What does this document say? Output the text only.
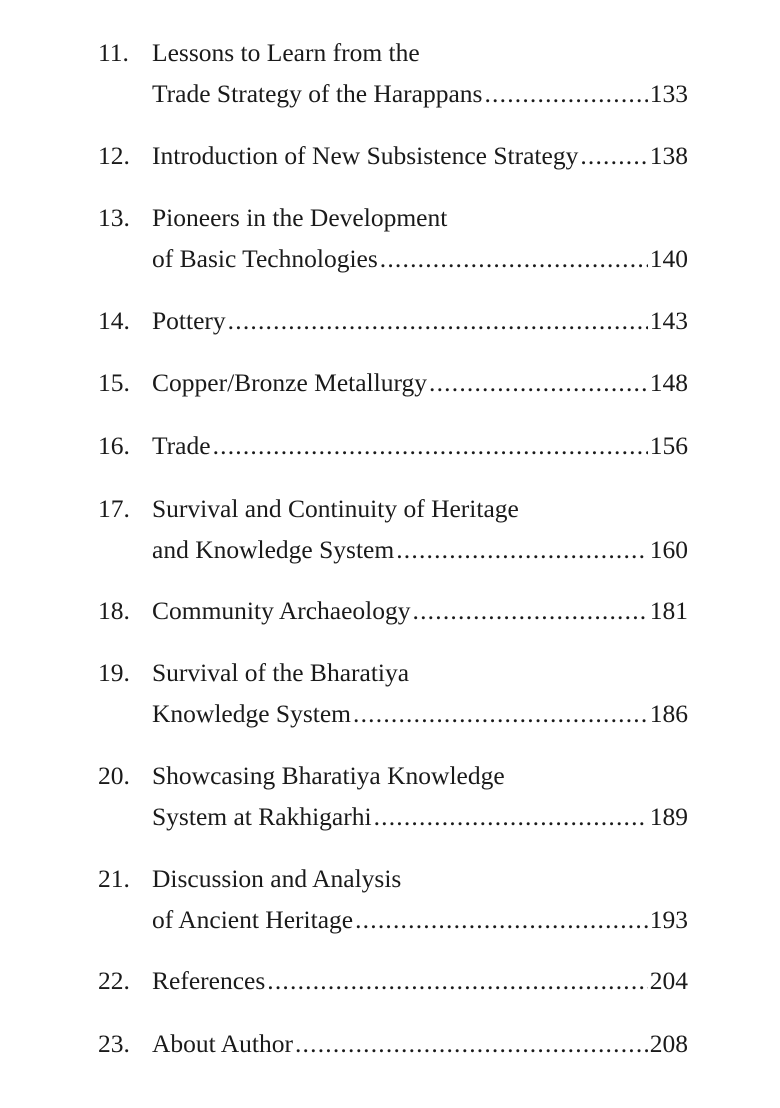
11. Lessons to Learn from the
Trade Strategy of the Harappans .....	133
12. Introduction of New Subsistence Strategy .....	138
13. Pioneers in the Development
of Basic Technologies .....	140
14. Pottery .....	143
15. Copper/Bronze Metallurgy .....	148
16. Trade .....	156
17. Survival and Continuity of Heritage
and Knowledge System .....	160
18. Community Archaeology .....	181
19. Survival of the Bharatiya
Knowledge System .....	186
20. Showcasing Bharatiya Knowledge
System at Rakhigarhi .....	189
21. Discussion and Analysis
of Ancient Heritage .....	193
22. References .....	204
23. About Author .....	208
